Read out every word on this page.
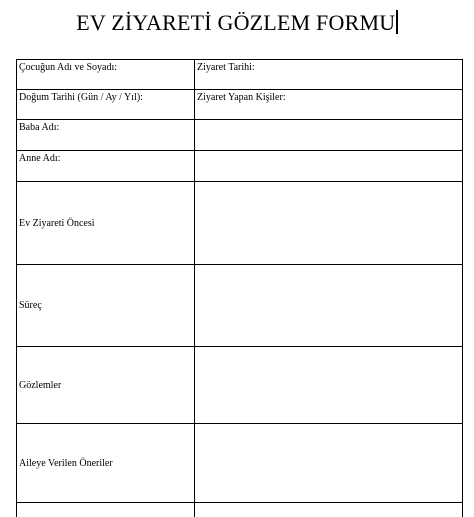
EV ZİYARETİ GÖZLEM FORMU
Çocuğun Adı ve Soyadı:	Ziyaret Tarihi:
Doğum Tarihi (Gün / Ay / Yıl):	Ziyaret Yapan Kişiler:
Baba Adı:	
Anne Adı:	
Ev Ziyareti Öncesi	
Süreç	
Gözlemler	
Aileye Verilen Öneriler	
